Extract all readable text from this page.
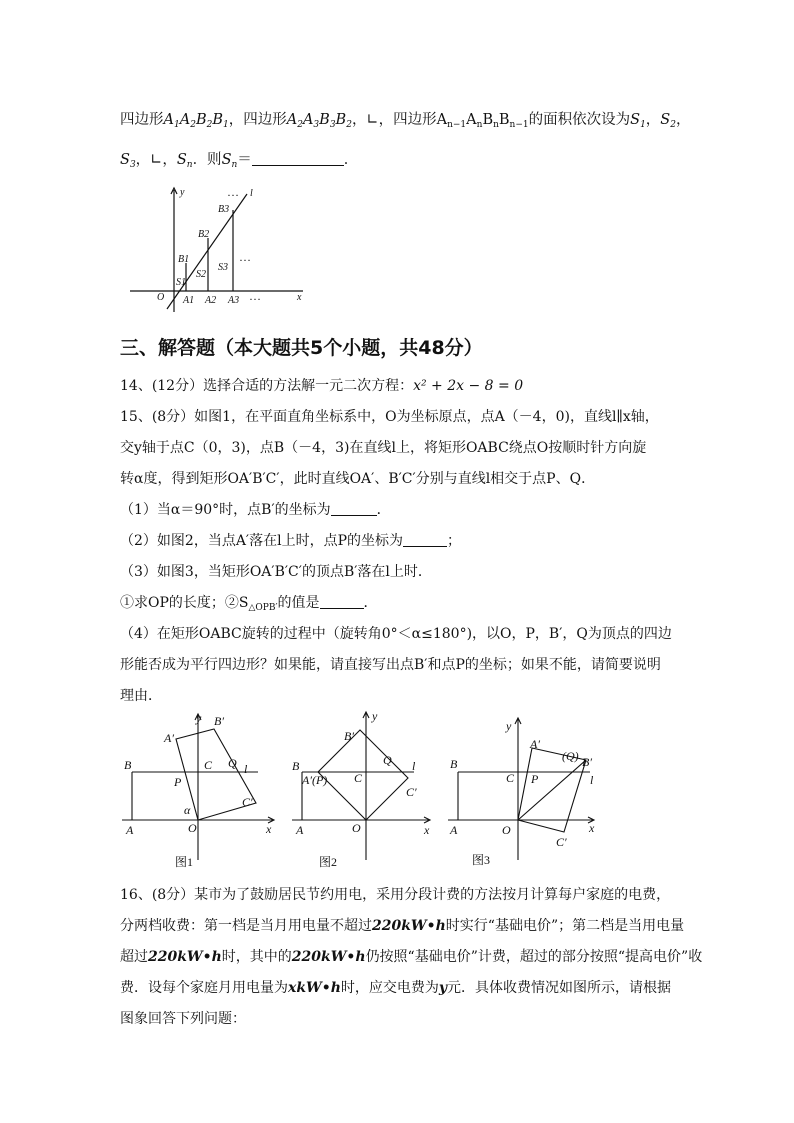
四边形$A_1A_2B_2B_1$，四边形$A_2A_3B_3B_2$，∟，四边形$A_{n-1}A_nB_nB_{n-1}$的面积依次设为$S_1$，$S_2$，
$S_3$，∟，$S_n$．则$S_n=$	．
y
x
l
O A1 A2 A3
B1
B2
B3
S1
S2
S3
…
…
…
三、解答题（本大题共5个小题，共48分）
14、(12分）选择合适的方法解一元二次方程：x² + 2x − 8 = 0
15、(8分）如图1，在平面直角坐标系中，O为坐标原点，点A（－4，0)，直线l∥x轴，
交y轴于点C（0，3)，点B（－4，3)在直线l上，将矩形OABC绕点O按顺时针方向旋
转α度，得到矩形OA′B′C′，此时直线OA′、B′C′分别与直线l相交于点P、Q．
（1）当α＝90°时，点B′的坐标为	．
（2）如图2，当点A′落在l上时，点P的坐标为	；
（3）如图3，当矩形OA′B′C′的顶点B′落在l上时．
①求OP的长度；$②S_{\triangle OPB'}$的值是	．
（4）在矩形OABC旋转的过程中（旋转角0°＜α≤180°)，以O，P，B′，Q为顶点的四边
形能否成为平行四边形？如果能，请直接写出点B′和点P的坐标；如果不能，请简要说明
理由．
y
x
l
B
A	O
C
P
Q
A′
B′
C′
α
图1
y
x
l
B
A	O
C
A′(P)
Q
B′
C′
图2
y
x
l
B
A	O
C P
(Q)
A′
B′
C′
图3
16、(8分）某市为了鼓励居民节约用电，采用分段计费的方法按月计算每户家庭的电费，
分两档收费：第一档是当月用电量不超过220kW•h时实行“基础电价”；第二档是当用电量
超过220kW•h时，其中的220kW•h仍按照“基础电价”计费，超过的部分按照“提高电价”收
费．设每个家庭月用电量为xkW•h时，应交电费为y元．具体收费情况如图所示，请根据
图象回答下列问题：
